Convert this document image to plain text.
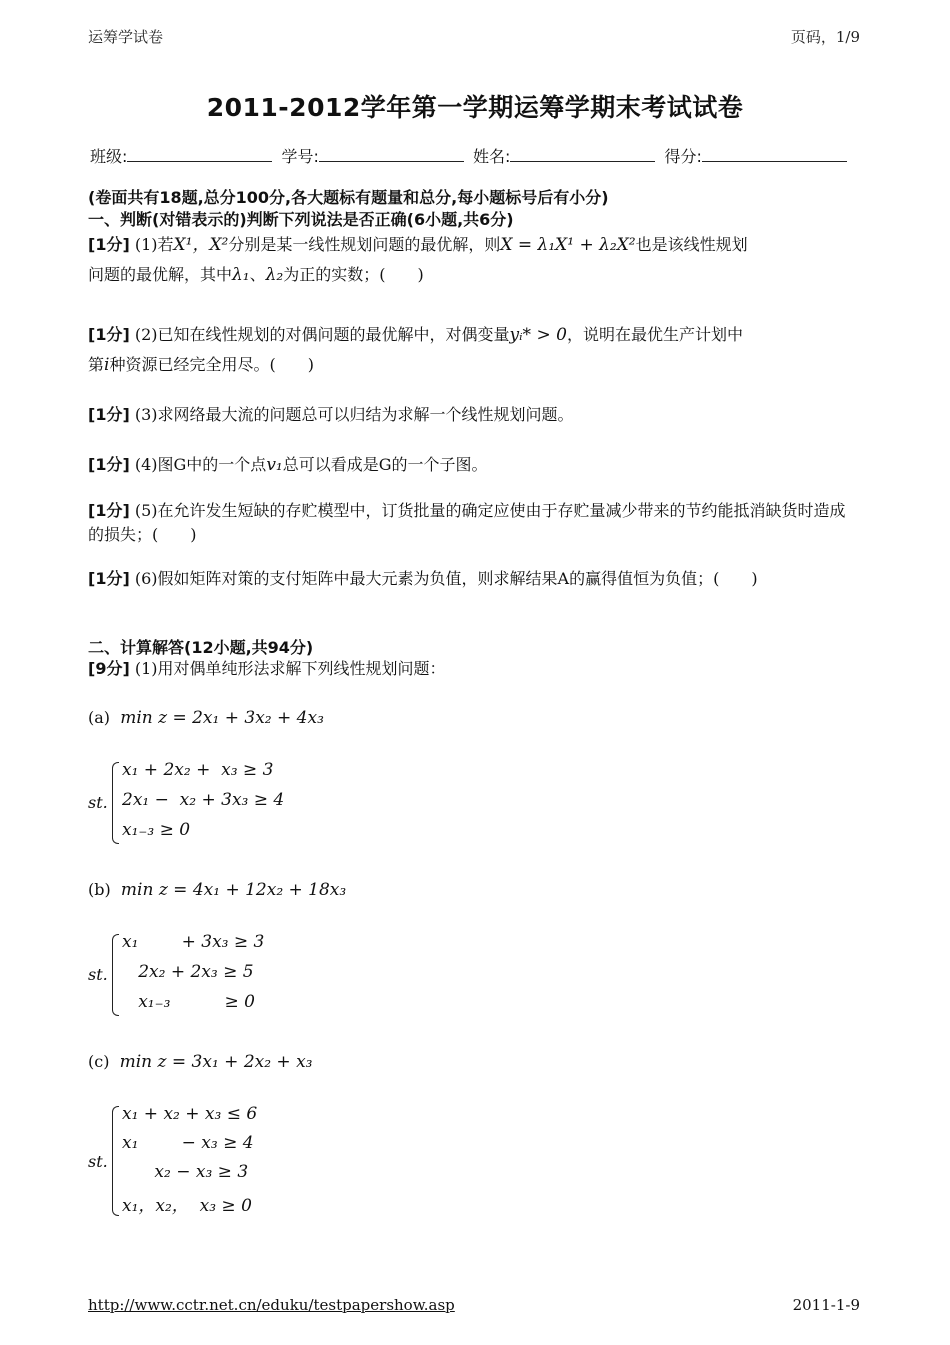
运筹学试卷	页码，1/9
2011-2012学年第一学期运筹学期末考试试卷
班级:	学号:	姓名:	得分:
(卷面共有18题,总分100分,各大题标有题量和总分,每小题标号后有小分)
一、判断(对错表示的)判断下列说法是否正确(6小题,共6分)
[1分] (1)若X¹，X²分别是某一线性规划问题的最优解，则X = λ₁X¹ + λ₂X²也是该线性规划
问题的最优解，其中λ₁、λ₂为正的实数；(　　)
[1分] (2)已知在线性规划的对偶问题的最优解中，对偶变量yᵢ* > 0，说明在最优生产计划中
第i种资源已经完全用尽。(　　)
[1分] (3)求网络最大流的问题总可以归结为求解一个线性规划问题。
[1分] (4)图G中的一个点v₁总可以看成是G的一个子图。
[1分] (5)在允许发生短缺的存贮模型中，订货批量的确定应使由于存贮量减少带来的节约能抵消缺货时造成的损失；(　　)
[1分] (6)假如矩阵对策的支付矩阵中最大元素为负值，则求解结果A的赢得值恒为负值；(　　)
二、计算解答(12小题,共94分)
[9分] (1)用对偶单纯形法求解下列线性规划问题：
(a) min z = 2x₁ + 3x₂ + 4x₃
st.
x₁ + 2x₂ +  x₃ ≥ 3
2x₁ −  x₂ + 3x₃ ≥ 4
x₁₋₃ ≥ 0
(b) min z = 4x₁ + 12x₂ + 18x₃
st.
x₁        + 3x₃ ≥ 3
2x₂ + 2x₃ ≥ 5
x₁₋₃          ≥ 0
(c) min z = 3x₁ + 2x₂ + x₃
st.
x₁ + x₂ + x₃ ≤ 6
x₁        − x₃ ≥ 4
x₂ − x₃ ≥ 3
x₁，x₂，  x₃ ≥ 0
http://www.cctr.net.cn/eduku/testpapershow.asp	2011-1-9
